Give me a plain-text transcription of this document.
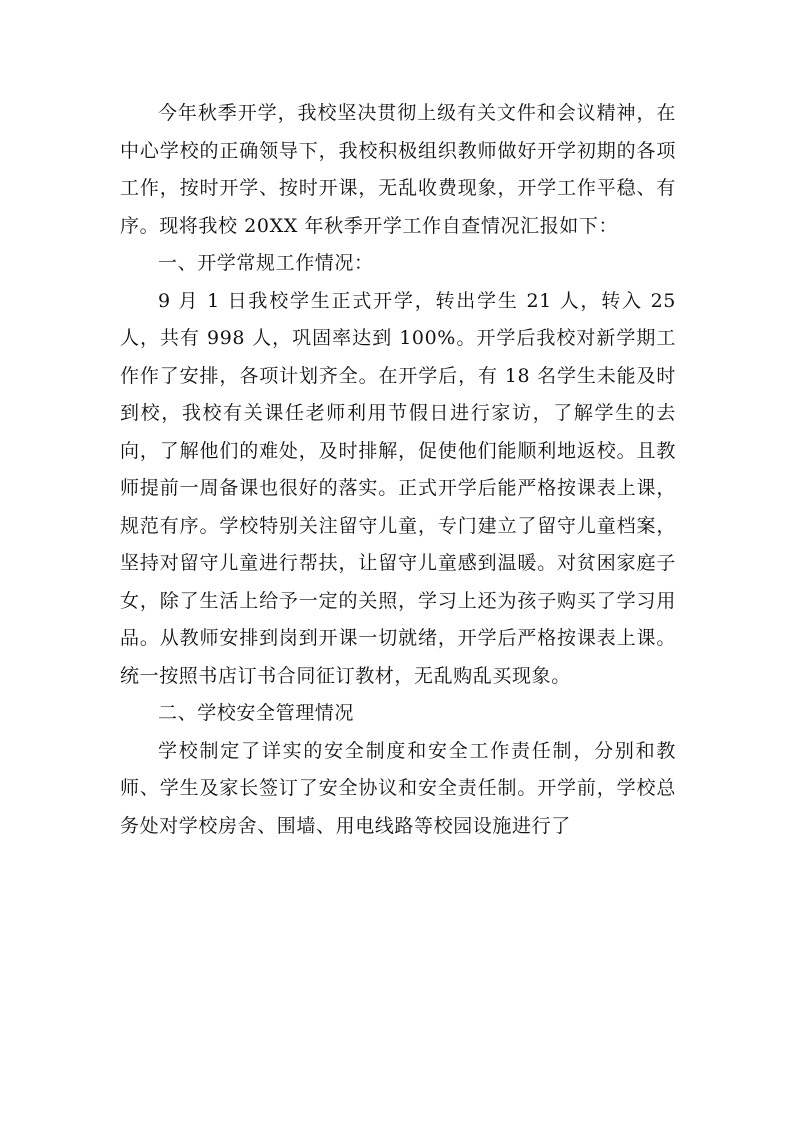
今年秋季开学，我校坚决贯彻上级有关文件和会议精神，在中心学校的正确领导下，我校积极组织教师做好开学初期的各项工作，按时开学、按时开课，无乱收费现象，开学工作平稳、有序。现将我校 20XX 年秋季开学工作自查情况汇报如下：

一、开学常规工作情况：

9 月 1 日我校学生正式开学，转出学生 21 人，转入 25 人，共有 998 人，巩固率达到 100%。开学后我校对新学期工作作了安排，各项计划齐全。在开学后，有 18 名学生未能及时到校，我校有关课任老师利用节假日进行家访，了解学生的去向，了解他们的难处，及时排解，促使他们能顺利地返校。且教师提前一周备课也很好的落实。正式开学后能严格按课表上课，规范有序。学校特别关注留守儿童，专门建立了留守儿童档案，坚持对留守儿童进行帮扶，让留守儿童感到温暖。对贫困家庭子女，除了生活上给予一定的关照，学习上还为孩子购买了学习用品。从教师安排到岗到开课一切就绪，开学后严格按课表上课。统一按照书店订书合同征订教材，无乱购乱买现象。

二、学校安全管理情况

学校制定了详实的安全制度和安全工作责任制，分别和教师、学生及家长签订了安全协议和安全责任制。开学前，学校总务处对学校房舍、围墙、用电线路等校园设施进行了
